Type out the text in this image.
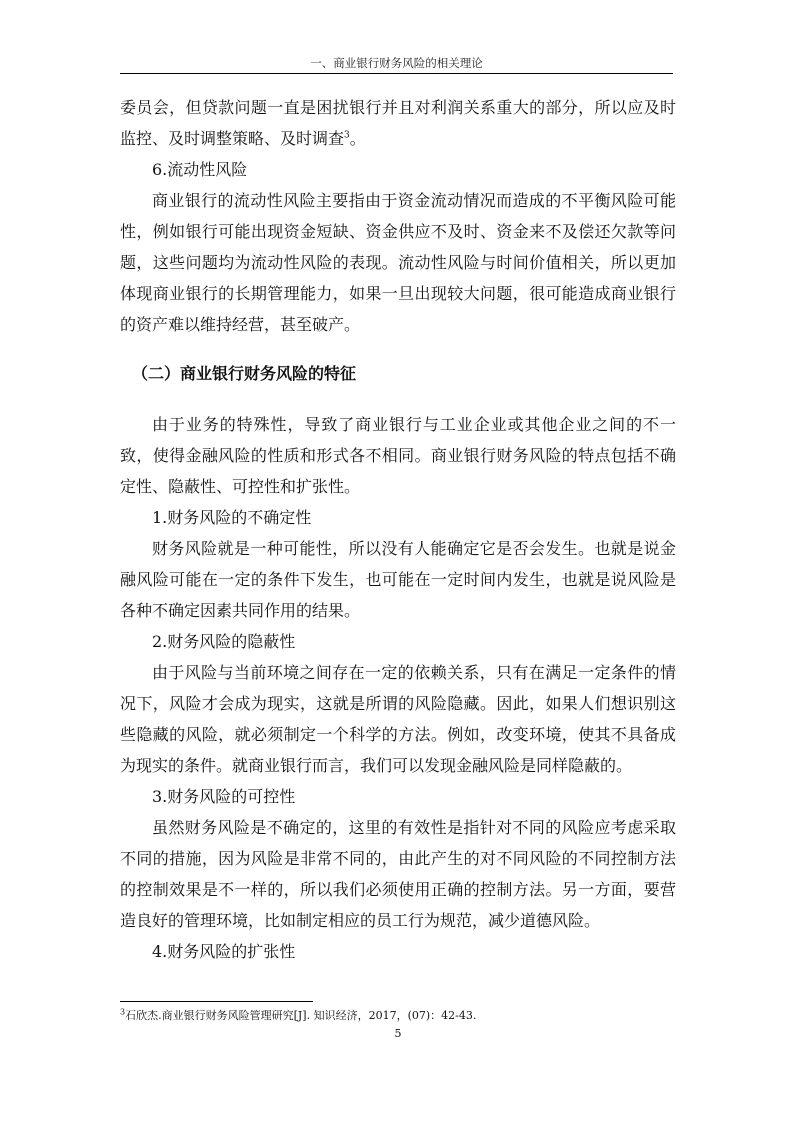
一、商业银行财务风险的相关理论

委员会，但贷款问题一直是困扰银行并且对利润关系重大的部分，所以应及时监控、及时调整策略、及时调查$^3$。

6.流动性风险

商业银行的流动性风险主要指由于资金流动情况而造成的不平衡风险可能性，例如银行可能出现资金短缺、资金供应不及时、资金来不及偿还欠款等问题，这些问题均为流动性风险的表现。流动性风险与时间价值相关，所以更加体现商业银行的长期管理能力，如果一旦出现较大问题，很可能造成商业银行的资产难以维持经营，甚至破产。

（二）商业银行财务风险的特征

由于业务的特殊性，导致了商业银行与工业企业或其他企业之间的不一致，使得金融风险的性质和形式各不相同。商业银行财务风险的特点包括不确定性、隐蔽性、可控性和扩张性。

1.财务风险的不确定性

财务风险就是一种可能性，所以没有人能确定它是否会发生。也就是说金融风险可能在一定的条件下发生，也可能在一定时间内发生，也就是说风险是各种不确定因素共同作用的结果。

2.财务风险的隐蔽性

由于风险与当前环境之间存在一定的依赖关系，只有在满足一定条件的情况下，风险才会成为现实，这就是所谓的风险隐藏。因此，如果人们想识别这些隐藏的风险，就必须制定一个科学的方法。例如，改变环境，使其不具备成为现实的条件。就商业银行而言，我们可以发现金融风险是同样隐蔽的。

3.财务风险的可控性

虽然财务风险是不确定的，这里的有效性是指针对不同的风险应考虑采取不同的措施，因为风险是非常不同的，由此产生的对不同风险的不同控制方法的控制效果是不一样的，所以我们必须使用正确的控制方法。另一方面，要营造良好的管理环境，比如制定相应的员工行为规范，减少道德风险。

4.财务风险的扩张性

$^3$石欣杰.商业银行财务风险管理研究[J]. 知识经济，2017，(07)：42-43.
5
